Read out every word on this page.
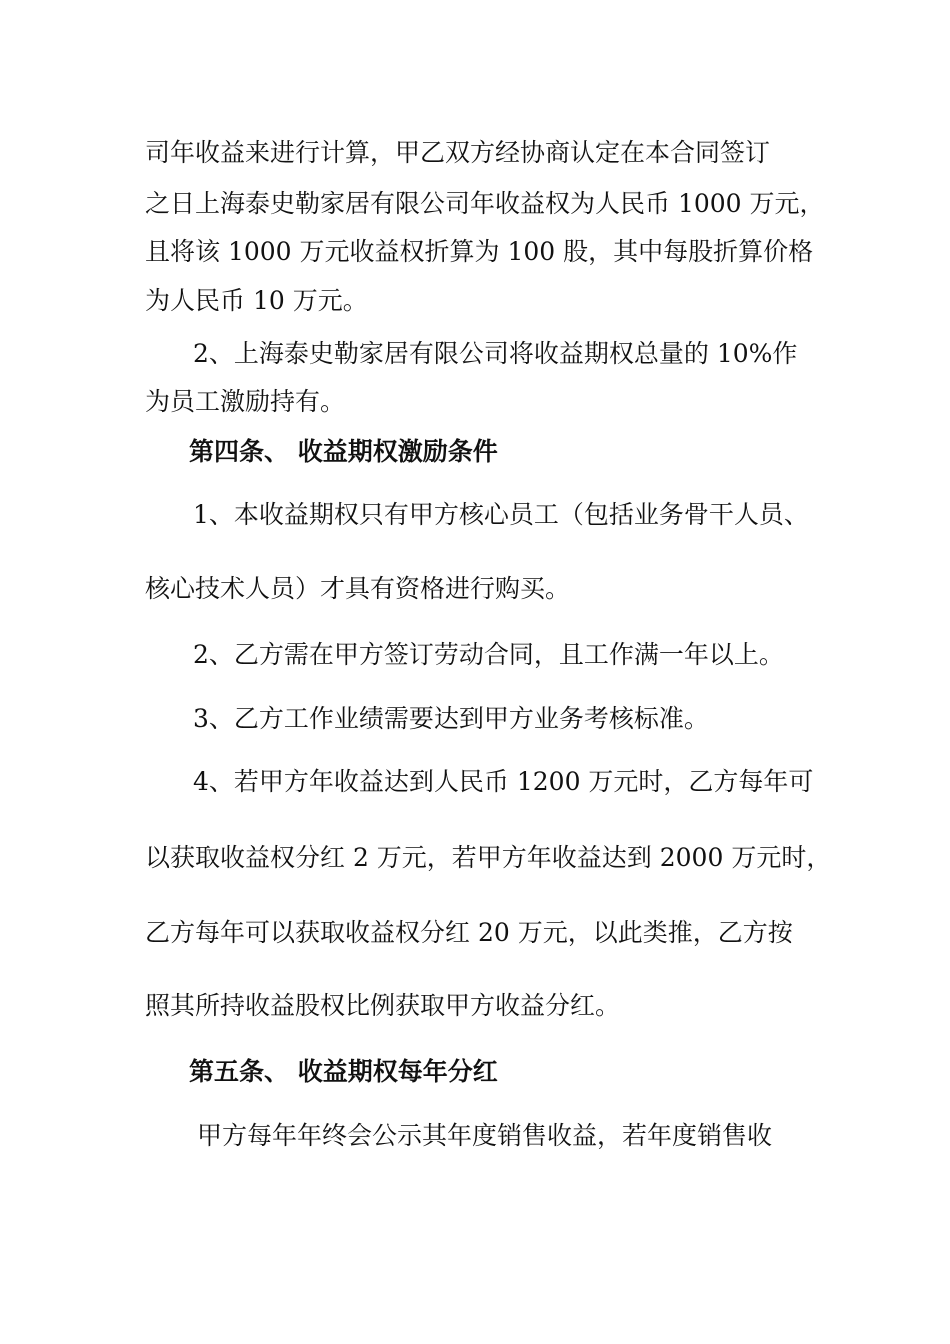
司年收益来进行计算，甲乙双方经协商认定在本合同签订
之日上海泰史勒家居有限公司年收益权为人民币 1000 万元，
且将该 1000 万元收益权折算为 100 股，其中每股折算价格
为人民币 10 万元。
2、上海泰史勒家居有限公司将收益期权总量的 10%作
为员工激励持有。
第四条、 收益期权激励条件
1、本收益期权只有甲方核心员工（包括业务骨干人员、
核心技术人员）才具有资格进行购买。
2、乙方需在甲方签订劳动合同，且工作满一年以上。
3、乙方工作业绩需要达到甲方业务考核标准。
4、若甲方年收益达到人民币 1200 万元时，乙方每年可
以获取收益权分红 2 万元，若甲方年收益达到 2000 万元时，
乙方每年可以获取收益权分红 20 万元，以此类推，乙方按
照其所持收益股权比例获取甲方收益分红。
第五条、 收益期权每年分红
甲方每年年终会公示其年度销售收益，若年度销售收
